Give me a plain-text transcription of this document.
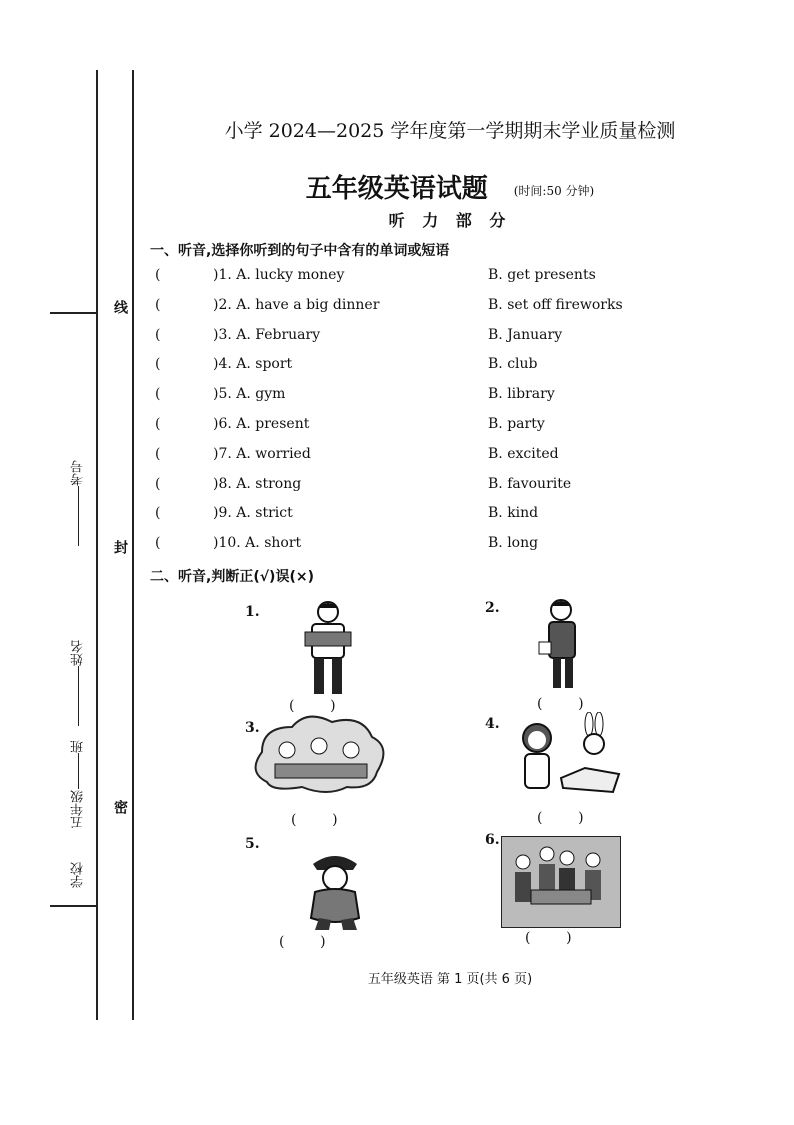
线
封
密
考号
姓名
班
五年级
学校
小学 2024—2025 学年度第一学期期末学业质量检测
五年级英语试题 (时间:50 分钟)
听 力 部 分
一、听音,选择你听到的句子中含有的单词或短语
(	)1. A. lucky money	B. get presents
(	)2. A. have a big dinner	B. set off fireworks
(	)3. A. February	B. January
(	)4. A. sport	B. club
(	)5. A. gym	B. library
(	)6. A. present	B. party
(	)7. A. worried	B. excited
(	)8. A. strong	B. favourite
(	)9. A. strict	B. kind
(	)10. A. short	B. long
二、听音,判断正(√)误(×)
1.
(        )
2.
(        )
3.
(        )
4.
(        )
5.
(        )
6.
(        )
五年级英语 第 1 页(共 6 页)
